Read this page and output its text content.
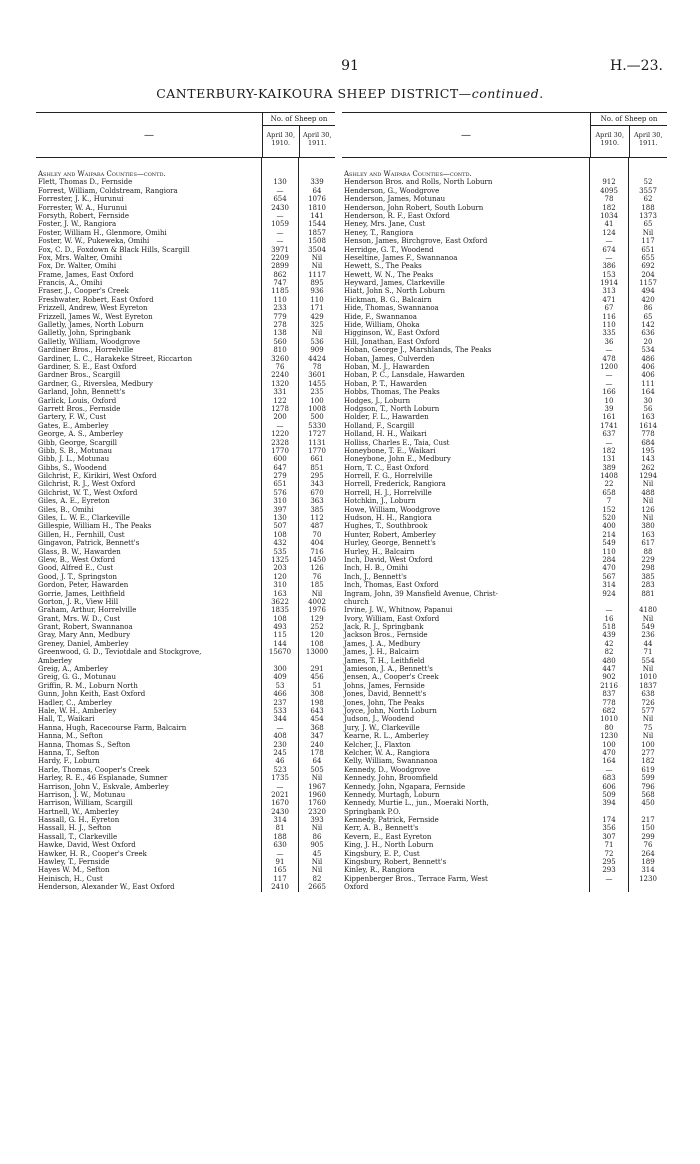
91	H.—23.
CANTERBURY-KAIKOURA SHEEP DISTRICT—continued.
—
No. of Sheep on
April 30, 1910.
April 30, 1911.
Ashley and Waipara Counties—contd.
Flett, Thomas D., Fernside
Forrest, William, Coldstream, Rangiora
Forrester, J. K., Hurunui
Forrester, W. A., Hurunui
Forsyth, Robert, Fernside
Foster, J. W., Rangiora
Foster, William H., Glenmore, Omihi
Foster, W. W., Pukeweka, Omihi
Fox, C. D., Foxdown & Black Hills, Scargill
Fox, Mrs. Walter, Omihi
Fox, Dr. Walter, Omihi
Frame, James, East Oxford
Francis, A., Omihi
Fraser, J., Cooper's Creek
Freshwater, Robert, East Oxford
Frizzell, Andrew, West Eyreton
Frizzell, James W., West Eyreton
Galletly, James, North Loburn
Galletly, John, Springbank
Galletly, William, Woodgrove
Gardiner Bros., Horrelville
Gardiner, L. C., Harakeke Street, Riccarton
Gardiner, S. E., East Oxford
Gardner Bros., Scargill
Gardner, G., Riverslea, Medbury
Garland, John, Bennett's
Garlick, Louis, Oxford
Garrett Bros., Fernside
Gartery, F. W., Cust
Gates, E., Amberley
George, A. S., Amberley
Gibb, George, Scargill
Gibb, S. B., Motunau
Gibb, J. L., Motunau
Gibbs, S., Woodend
Gilchrist, F., Kirikiri, West Oxford
Gilchrist, R. J., West Oxford
Gilchrist, W. T., West Oxford
Giles, A. E., Eyreton
Giles, B., Omihi
Giles, L. W. E., Clarkeville
Gillespie, William H., The Peaks
Gillen, H., Fernhill, Cust
Gingavon, Patrick, Bennett's
Glass, B. W., Hawarden
Glew, B., West Oxford
Good, Alfred E., Cust
Good, J. T., Springston
Gordon, Peter, Hawarden
Gorrie, James, Leithfield
Gorton, J. R., View Hill
Graham, Arthur, Horrelville
Grant, Mrs. W. D., Cust
Grant, Robert, Swannanoa
Gray, Mary Ann, Medbury
Greney, Daniel, Amberley
Greenwood, G. D., Teviotdale and Stockgrove,
Amberley
Greig, A., Amberley
Greig, G. G., Motunau
Griffin, R. M., Loburn North
Gunn, John Keith, East Oxford
Hadler, C., Amberley
Hale, W. H., Amberley
Hall, T., Waikari
Hanna, Hugh, Racecourse Farm, Balcairn
Hanna, M., Sefton
Hanna, Thomas S., Sefton
Hanna, T., Sefton
Hardy, F., Loburn
Harle, Thomas, Cooper's Creek
Harley, R. E., 46 Esplanade, Sumner
Harrison, John V., Eskvale, Amberley
Harrison, J. W., Motunau
Harrison, William, Scargill
Hartnell, W., Amberley
Hassall, G. H., Eyreton
Hassall, H. J., Sefton
Hassall, T., Clarkeville
Hawke, David, West Oxford
Hawker, H. R., Cooper's Creek
Hawley, T., Fernside
Hayes W. M., Sefton
Heinisch, H., Cust
Henderson, Alexander W., East Oxford
130
—
654
2430
—
1059
—
—
3971
2209
2899
862
747
1185
110
233
779
278
138
560
810
3260
76
2240
1320
331
122
1278
200
—
1220
2328
1770
600
647
279
651
576
310
397
130
507
108
432
535
1325
203
120
310
163
3622
1835
108
493
115
144
15670
300
409
53
466
237
533
344
—
408
230
245
46
523
1735
—
2021
1670
2430
314
81
188
630
—
91
165
117
2410
339
64
1076
1810
141
1544
1857
1508
3504
Nil
Nil
1117
895
936
110
171
429
325
Nil
536
909
4424
78
3601
1455
235
100
1008
500
5330
1727
1131
1770
661
851
295
343
670
363
385
112
487
70
404
716
1450
126
76
185
Nil
4002
1976
129
252
120
108
13000
291
456
51
308
198
643
454
368
347
240
178
64
505
Nil
1967
1960
1760
2320
393
Nil
86
905
45
Nil
Nil
82
2665
—
No. of Sheep on
April 30, 1910.
April 30, 1911.
Ashley and Waipara Counties—contd.
Henderson Bros. and Rolls, North Loburn
Henderson, G., Woodgrove
Henderson, James, Motunau
Henderson, John Robert, South Loburn
Henderson, R. F., East Oxford
Heney, Mrs. Jane, Cust
Heney, T., Rangiora
Henson, James, Birchgrove, East Oxford
Herridge, G. T., Woodend
Heseltine, James F., Swannanoa
Hewett, S., The Peaks
Hewett, W. N., The Peaks
Heyward, James, Clarkeville
Hiatt, John S., North Loburn
Hickman, B. G., Balcairn
Hide, Thomas, Swannanoa
Hide, F., Swannanoa
Hide, William, Ohoka
Higginson, W., East Oxford
Hill, Jonathan, East Oxford
Hoban, George J., Marshlands, The Peaks
Hoban, James, Culverden
Hoban, M. J., Hawarden
Hoban, P. C., Lansdale, Hawarden
Hoban, P. T., Hawarden
Hobbs, Thomas, The Peaks
Hodges, J., Loburn
Hodgson, T., North Loburn
Holder, F. L., Hawarden
Holland, F., Scargill
Holland, H. H., Waikari
Holliss, Charles E., Taia, Cust
Honeybone, T. E., Waikari
Honeybone, John E., Medbury
Horn, T. C., East Oxford
Horrell, F. G., Horrelville
Horrell, Frederick, Rangiora
Horrell, H. J., Horrelville
Hotchkin, J., Loburn
Howe, William, Woodgrove
Hudson, H. H., Rangiora
Hughes, T., Southbrook
Hunter, Robert, Amberley
Hurley, George, Bennett's
Hurley, H., Balcairn
Inch, David, West Oxford
Inch, H. B., Omihi
Inch, J., Bennett's
Inch, Thomas, East Oxford
Ingram, John, 39 Mansfield Avenue, Christ-
church
Irvine, J. W., Whitnow, Papanui
Ivory, William, East Oxford
Jack, R. J., Springbank
Jackson Bros., Fernside
James, J. A., Medbury
James, J. H., Balcairn
James, T. H., Leithfield
Jamieson, J. A., Bennett's
Jensen, A., Cooper's Creek
Johns, James, Fernside
Jones, David, Bennett's
Jones, John, The Peaks
Joyce, John, North Loburn
Judson, J., Woodend
Jury, J. W., Clarkeville
Kearne, R. L., Amberley
Kelcher, J., Flaxton
Kelcher, W. A., Rangiora
Kelly, William, Swannanoa
Kennedy, D., Woodgrove
Kennedy, John, Broomfield
Kennedy, John, Ngapara, Fernside
Kennedy, Murtagh, Loburn
Kennedy, Murtie L., jun., Moeraki North,
Springbank P.O.
Kennedy, Patrick, Fernside
Kerr, A. B., Bennett's
Kevern, E., East Eyreton
King, J. H., North Loburn
Kingsbury, E. P., Cust
Kingsbury, Robert, Bennett's
Kinley, R., Rangiora
Kippenberger Bros., Terrace Farm, West
Oxford
912
4095
78
182
1034
41
124
—
674
—
386
153
1914
313
471
67
116
110
335
36
—
478
1200
—
—
166
10
39
161
1741
637
—
182
131
389
1408
22
658
7
152
520
400
214
549
110
284
470
567
314
924
—
16
518
439
42
82
480
447
902
2116
837
778
682
1010
80
1230
100
470
164
—
683
606
509
394
174
356
307
71
72
295
293
—
52
3557
62
188
1373
65
Nil
117
651
655
692
204
1157
494
420
86
65
142
636
20
534
486
406
406
111
164
30
56
163
1614
778
684
195
143
262
1294
Nil
488
Nil
126
Nil
380
163
617
88
229
298
385
283
881
4180
Nil
549
236
44
71
554
Nil
1010
1837
638
726
577
Nil
75
Nil
100
277
182
619
599
796
568
450
217
150
299
76
264
189
314
1230
